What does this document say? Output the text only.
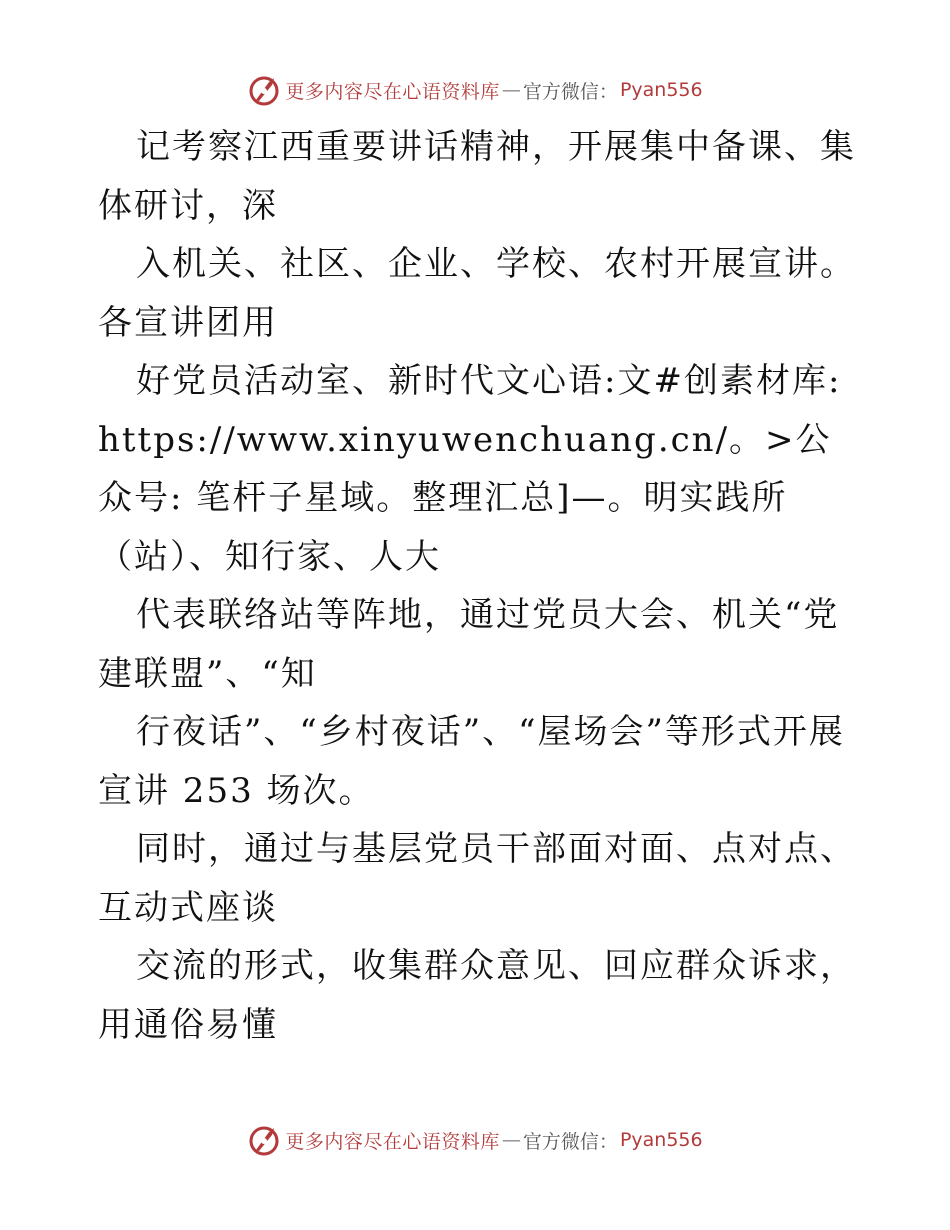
更多内容尽在心语资料库 — 官方微信： Pyan556

记考察江西重要讲话精神，开展集中备课、集体研讨，深

入机关、社区、企业、学校、农村开展宣讲。各宣讲团用

好党员活动室、新时代文心语:文#创素材库:https://www.xinyuwenchuang.cn/。>公众号: 笔杆子星域。整理汇总]—。明实践所（站）、知行家、人大

代表联络站等阵地，通过党员大会、机关“党建联盟”、“知

行夜话”、“乡村夜话”、“屋场会”等形式开展宣讲 253 场次。

同时，通过与基层党员干部面对面、点对点、互动式座谈

交流的形式，收集群众意见、回应群众诉求，用通俗易懂

更多内容尽在心语资料库 — 官方微信： Pyan556
